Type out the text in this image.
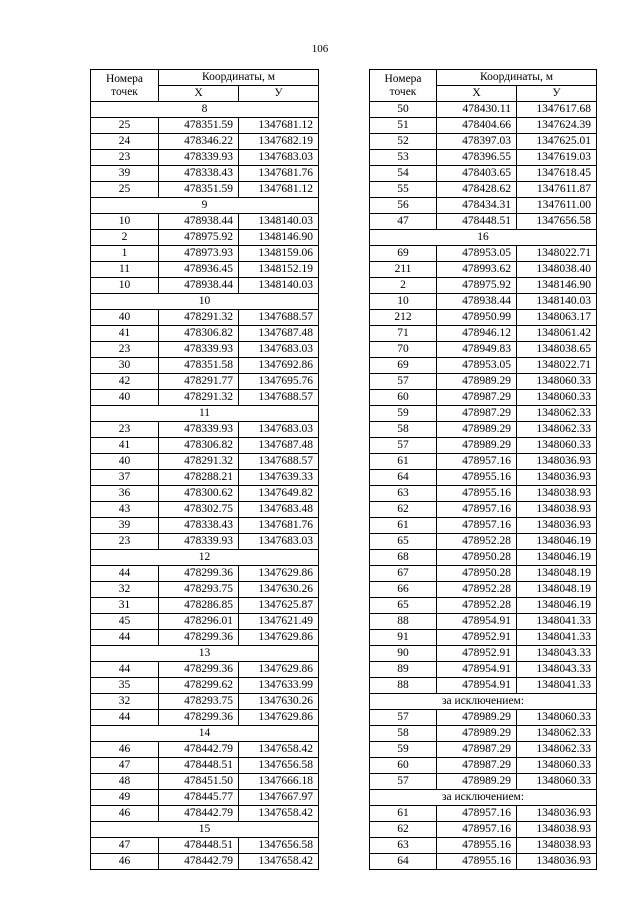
106
Номера
точек	Координаты, м	
	X	У
8		
25	478351.59	1347681.12
24	478346.22	1347682.19
23	478339.93	1347683.03
39	478338.43	1347681.76
25	478351.59	1347681.12
9		
10	478938.44	1348140.03
2	478975.92	1348146.90
1	478973.93	1348159.06
11	478936.45	1348152.19
10	478938.44	1348140.03
10		
40	478291.32	1347688.57
41	478306.82	1347687.48
23	478339.93	1347683.03
30	478351.58	1347692.86
42	478291.77	1347695.76
40	478291.32	1347688.57
11		
23	478339.93	1347683.03
41	478306.82	1347687.48
40	478291.32	1347688.57
37	478288.21	1347639.33
36	478300.62	1347649.82
43	478302.75	1347683.48
39	478338.43	1347681.76
23	478339.93	1347683.03
12		
44	478299.36	1347629.86
32	478293.75	1347630.26
31	478286.85	1347625.87
45	478296.01	1347621.49
44	478299.36	1347629.86
13		
44	478299.36	1347629.86
35	478299.62	1347633.99
32	478293.75	1347630.26
44	478299.36	1347629.86
14		
46	478442.79	1347658.42
47	478448.51	1347656.58
48	478451.50	1347666.18
49	478445.77	1347667.97
46	478442.79	1347658.42
15		
47	478448.51	1347656.58
46	478442.79	1347658.42
Номера
точек	Координаты, м	
	X	У
50	478430.11	1347617.68
51	478404.66	1347624.39
52	478397.03	1347625.01
53	478396.55	1347619.03
54	478403.65	1347618.45
55	478428.62	1347611.87
56	478434.31	1347611.00
47	478448.51	1347656.58
16		
69	478953.05	1348022.71
211	478993.62	1348038.40
2	478975.92	1348146.90
10	478938.44	1348140.03
212	478950.99	1348063.17
71	478946.12	1348061.42
70	478949.83	1348038.65
69	478953.05	1348022.71
57	478989.29	1348060.33
60	478987.29	1348060.33
59	478987.29	1348062.33
58	478989.29	1348062.33
57	478989.29	1348060.33
61	478957.16	1348036.93
64	478955.16	1348036.93
63	478955.16	1348038.93
62	478957.16	1348038.93
61	478957.16	1348036.93
65	478952.28	1348046.19
68	478950.28	1348046.19
67	478950.28	1348048.19
66	478952.28	1348048.19
65	478952.28	1348046.19
88	478954.91	1348041.33
91	478952.91	1348041.33
90	478952.91	1348043.33
89	478954.91	1348043.33
88	478954.91	1348041.33
за исключением:		
57	478989.29	1348060.33
58	478989.29	1348062.33
59	478987.29	1348062.33
60	478987.29	1348060.33
57	478989.29	1348060.33
за исключением:		
61	478957.16	1348036.93
62	478957.16	1348038.93
63	478955.16	1348038.93
64	478955.16	1348036.93
